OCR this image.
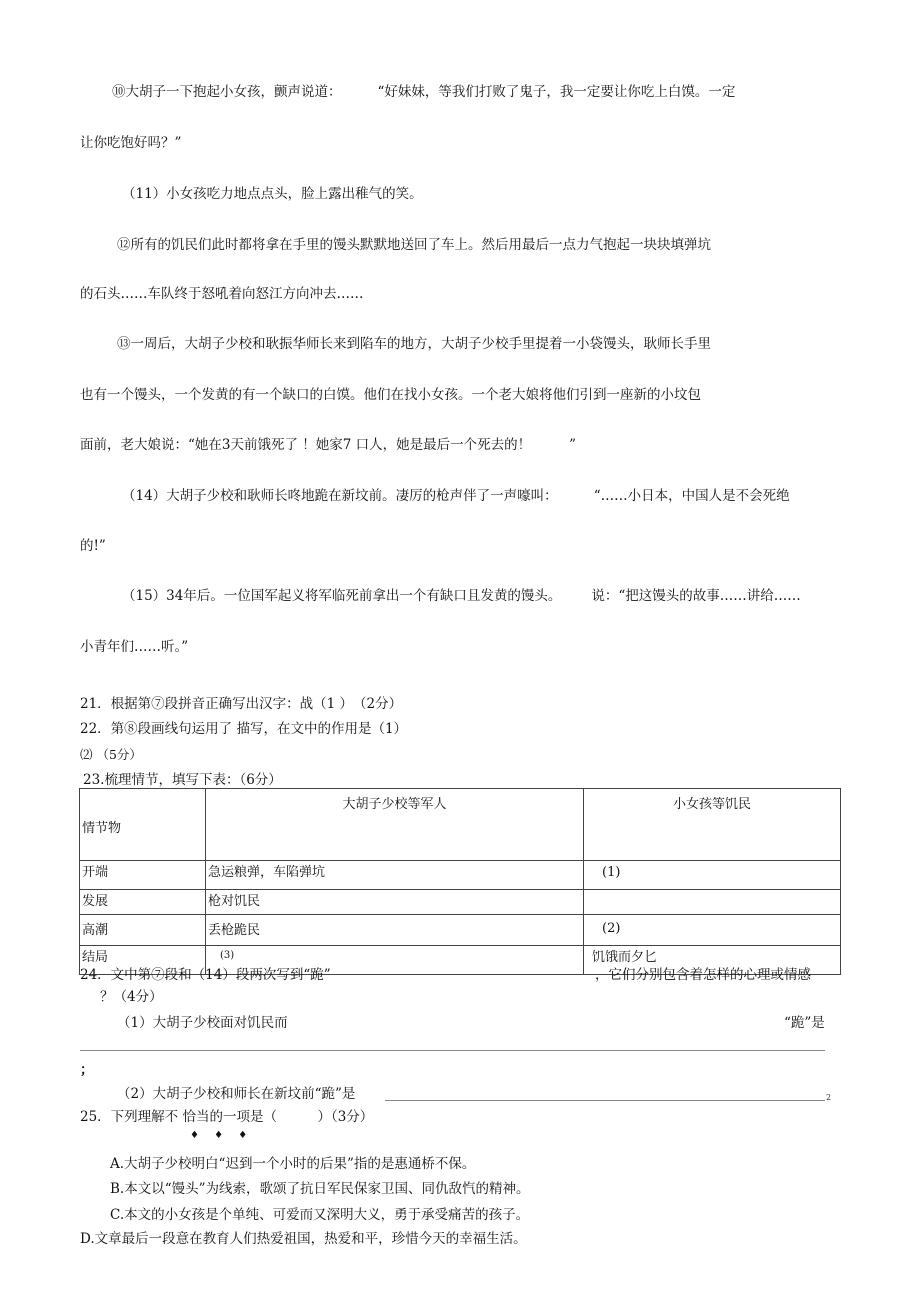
⑩大胡子一下抱起小女孩，颤声说道：	“好妹妹，等我们打败了鬼子，我一定要让你吃上白馍。一定
让你吃饱好吗？”
（11）小女孩吃力地点点头，脸上露出稚气的笑。
⑫所有的饥民们此时都将拿在手里的馒头默默地送回了车上。然后用最后一点力气抱起一块块填弹坑
的石头……车队终于怒吼着向怒江方向冲去……
⑬一周后，大胡子少校和耿振华师长来到陷车的地方，大胡子少校手里提着一小袋馒头，耿师长手里
也有一个馒头，一个发黄的有一个缺口的白馍。他们在找小女孩。一个老大娘将他们引到一座新的小坟包
面前，老大娘说：“她在3天前饿死了 ！她家7 口人，她是最后一个死去的！	”
（14）大胡子少校和耿师长咚地跪在新坟前。凄厉的枪声伴了一声嚎叫：	“……小日本，中国人是不会死绝
的!”
（15）34年后。一位国军起义将军临死前拿出一个有缺口且发黄的馒头。 说：“把这馒头的故事……讲给……
小青年们……听。”
21．根据第⑦段拼音正确写出汉字：战（1 ）　（2分）
22．第⑧段画线句运用了 描写，在文中的作用是（1）
⑵ （5分）
23.梳理情节，填写下表：（6分）
情节物	大胡子少校等军人	小女孩等饥民
开端	急运粮弹，车陷弹坑	(1)
发展	枪对饥民	
高潮	丢枪跪民	(2)
结局	(3)	饥饿而夕匕
24．文中第⑦段和（14）段两次写到“跪”	，它们分别包含着怎样的心理或情感
？（4分）
（1）大胡子少校面对饥民而	“跪”是
；
（2）大胡子少校和师长在新坟前“跪”是	2
25．下列理解不 恰当的一项是（　　　）（3分）
♦ ♦ ♦
A.大胡子少校明白“迟到一个小时的后果”指的是惠通桥不保。
B.本文以“馒头”为线索，歌颂了抗日军民保家卫国、同仇敌忾的精神。
C.本文的小女孩是个单纯、可爱而又深明大义，勇于承受痛苦的孩子。
D.文章最后一段意在教育人们热爱祖国，热爱和平，珍惜今天的幸福生活。
